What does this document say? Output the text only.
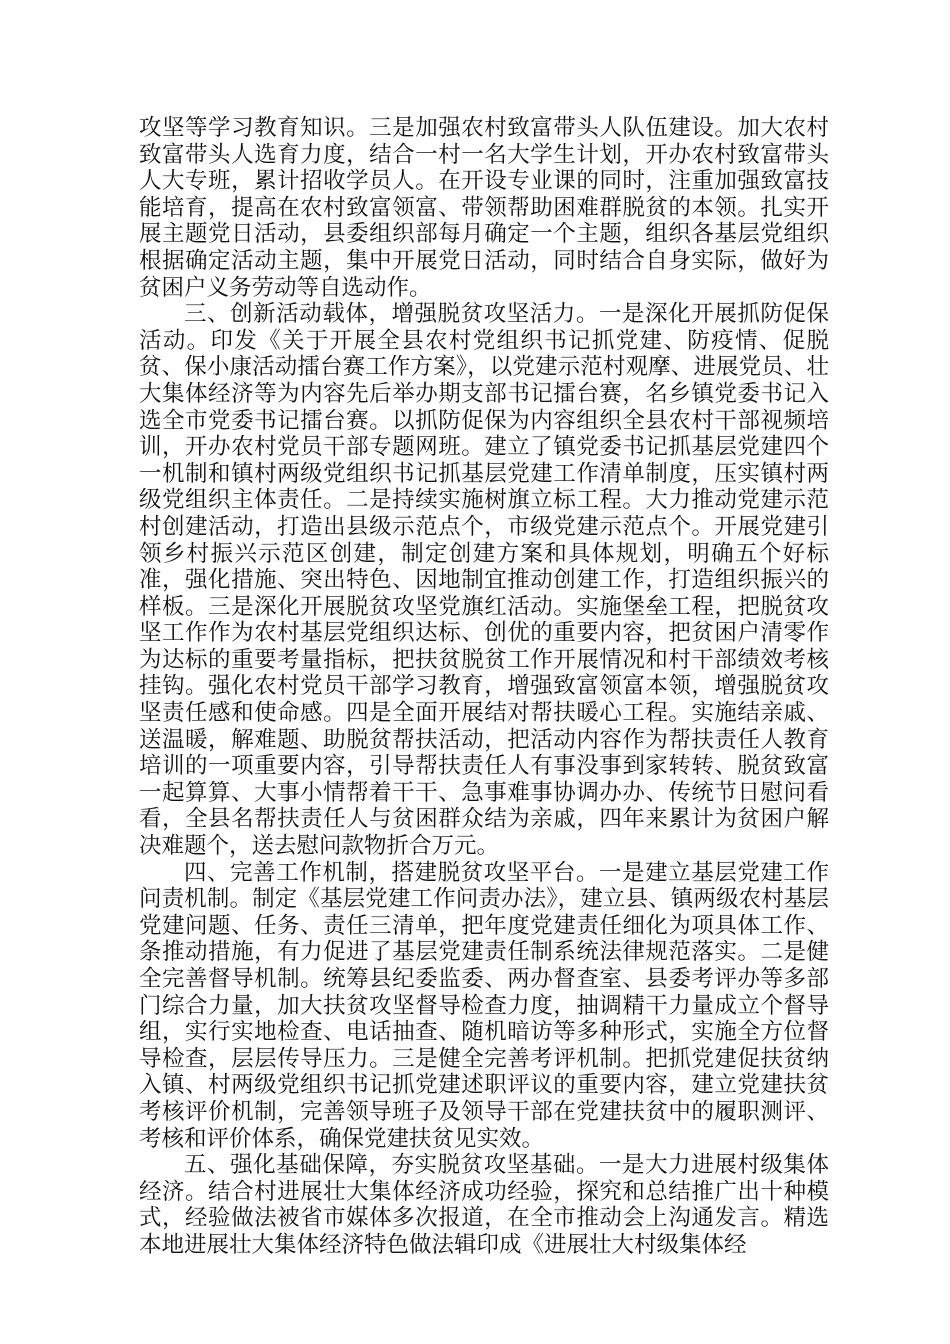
攻坚等学习教育知识。三是加强农村致富带头人队伍建设。加大农村致富带头人选育力度，结合一村一名大学生计划，开办农村致富带头人大专班，累计招收学员人。在开设专业课的同时，注重加强致富技能培育，提高在农村致富领富、带领帮助困难群脱贫的本领。扎实开展主题党日活动，县委组织部每月确定一个主题，组织各基层党组织根据确定活动主题，集中开展党日活动，同时结合自身实际，做好为贫困户义务劳动等自选动作。

三、创新活动载体，增强脱贫攻坚活力。一是深化开展抓防促保活动。印发《关于开展全县农村党组织书记抓党建、防疫情、促脱贫、保小康活动擂台赛工作方案》，以党建示范村观摩、进展党员、壮大集体经济等为内容先后举办期支部书记擂台赛，名乡镇党委书记入选全市党委书记擂台赛。以抓防促保为内容组织全县农村干部视频培训，开办农村党员干部专题网班。建立了镇党委书记抓基层党建四个一机制和镇村两级党组织书记抓基层党建工作清单制度，压实镇村两级党组织主体责任。二是持续实施树旗立标工程。大力推动党建示范村创建活动，打造出县级示范点个，市级党建示范点个。开展党建引领乡村振兴示范区创建，制定创建方案和具体规划，明确五个好标准，强化措施、突出特色、因地制宜推动创建工作，打造组织振兴的样板。三是深化开展脱贫攻坚党旗红活动。实施堡垒工程，把脱贫攻坚工作作为农村基层党组织达标、创优的重要内容，把贫困户清零作为达标的重要考量指标，把扶贫脱贫工作开展情况和村干部绩效考核挂钩。强化农村党员干部学习教育，增强致富领富本领，增强脱贫攻坚责任感和使命感。四是全面开展结对帮扶暖心工程。实施结亲戚、送温暖，解难题、助脱贫帮扶活动，把活动内容作为帮扶责任人教育培训的一项重要内容，引导帮扶责任人有事没事到家转转、脱贫致富一起算算、大事小情帮着干干、急事难事协调办办、传统节日慰问看看，全县名帮扶责任人与贫困群众结为亲戚，四年来累计为贫困户解决难题个，送去慰问款物折合万元。

四、完善工作机制，搭建脱贫攻坚平台。一是建立基层党建工作问责机制。制定《基层党建工作问责办法》，建立县、镇两级农村基层党建问题、任务、责任三清单，把年度党建责任细化为项具体工作、条推动措施，有力促进了基层党建责任制系统法律规范落实。二是健全完善督导机制。统筹县纪委监委、两办督查室、县委考评办等多部门综合力量，加大扶贫攻坚督导检查力度，抽调精干力量成立个督导组，实行实地检查、电话抽查、随机暗访等多种形式，实施全方位督导检查，层层传导压力。三是健全完善考评机制。把抓党建促扶贫纳入镇、村两级党组织书记抓党建述职评议的重要内容，建立党建扶贫考核评价机制，完善领导班子及领导干部在党建扶贫中的履职测评、考核和评价体系，确保党建扶贫见实效。

五、强化基础保障，夯实脱贫攻坚基础。一是大力进展村级集体经济。结合村进展壮大集体经济成功经验，探究和总结推广出十种模式，经验做法被省市媒体多次报道，在全市推动会上沟通发言。精选本地进展壮大集体经济特色做法辑印成《进展壮大村级集体经
